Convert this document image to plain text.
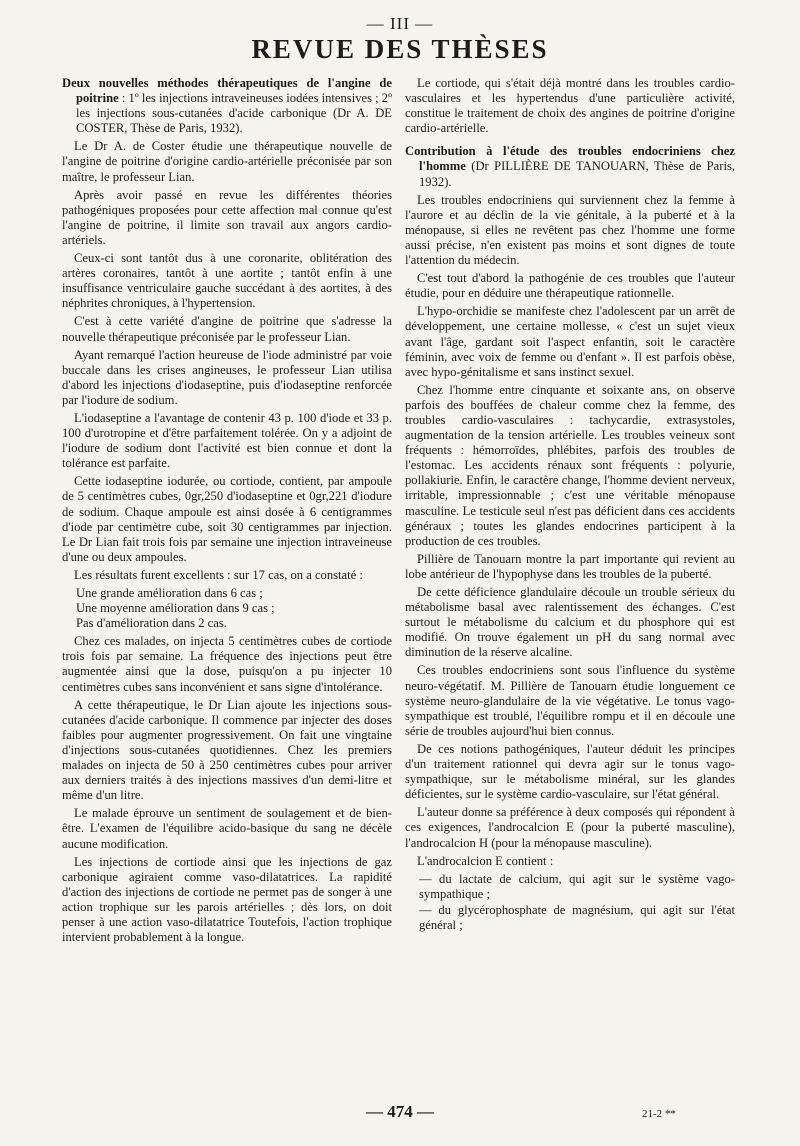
— III —
REVUE DES THÈSES

Deux nouvelles méthodes thérapeutiques de l'angine de poitrine : 1º les injections intraveineuses iodées intensives ; 2º les injections sous-cutanées d'acide carbonique (Dr A. DE COSTER, Thèse de Paris, 1932).

Le Dr A. de Coster étudie une thérapeutique nouvelle de l'angine de poitrine d'origine cardio-artérielle préconisée par son maître, le professeur Lian.

Après avoir passé en revue les différentes théories pathogéniques proposées pour cette affection mal connue qu'est l'angine de poitrine, il limite son travail aux angors cardio-artériels.

Ceux-ci sont tantôt dus à une coronarite, oblitération des artères coronaires, tantôt à une aortite ; tantôt enfin à une insuffisance ventriculaire gauche succédant à des aortites, à des néphrites chroniques, à l'hypertension.

C'est à cette variété d'angine de poitrine que s'adresse la nouvelle thérapeutique préconisée par le professeur Lian.

Ayant remarqué l'action heureuse de l'iode administré par voie buccale dans les crises angineuses, le professeur Lian utilisa d'abord les injections d'iodaseptine, puis d'iodaseptine renforcée par l'iodure de sodium.

L'iodaseptine a l'avantage de contenir 43 p. 100 d'iode et 33 p. 100 d'urotropine et d'être parfaitement tolérée. On y a adjoint de l'iodure de sodium dont l'activité est bien connue et dont la tolérance est parfaite.

Cette iodaseptine iodurée, ou cortiode, contient, par ampoule de 5 centimètres cubes, 0gr,250 d'iodaseptine et 0gr,221 d'iodure de sodium. Chaque ampoule est ainsi dosée à 6 centigrammes d'iode par centimètre cube, soit 30 centigrammes par injection. Le Dr Lian fait trois fois par semaine une injection intraveineuse d'une ou deux ampoules.

Les résultats furent excellents : sur 17 cas, on a constaté :

Une grande amélioration dans 6 cas ;

Une moyenne amélioration dans 9 cas ;

Pas d'amélioration dans 2 cas.

Chez ces malades, on injecta 5 centimètres cubes de cortiode trois fois par semaine. La fréquence des injections peut être augmentée ainsi que la dose, puisqu'on a pu injecter 10 centimètres cubes sans inconvénient et sans signe d'intolérance.

A cette thérapeutique, le Dr Lian ajoute les injections sous-cutanées d'acide carbonique. Il commence par injecter des doses faibles pour augmenter progressivement. On fait une vingtaine d'injections sous-cutanées quotidiennes. Chez les premiers malades on injecta de 50 à 250 centimètres cubes pour arriver aux derniers traités à des injections massives d'un demi-litre et même d'un litre.

Le malade éprouve un sentiment de soulagement et de bien-être. L'examen de l'équilibre acido-basique du sang ne décèle aucune modification.

Les injections de cortiode ainsi que les injections de gaz carbonique agiraient comme vaso-dilatatrices. La rapidité d'action des injections de cortiode ne permet pas de songer à une action trophique sur les parois artérielles ; dès lors, on doit penser à une action vaso-dilatatrice Toutefois, l'action trophique intervient probablement à la longue.

Le cortiode, qui s'était déjà montré dans les troubles cardio-vasculaires et les hypertendus d'une particulière activité, constitue le traitement de choix des angines de poitrine d'origine cardio-artérielle.

Contribution à l'étude des troubles endocriniens chez l'homme (Dr PILLIÈRE DE TANOUARN, Thèse de Paris, 1932).

Les troubles endocriniens qui surviennent chez la femme à l'aurore et au déclin de la vie génitale, à la puberté et à la ménopause, si elles ne revêtent pas chez l'homme une forme aussi précise, n'en existent pas moins et sont dignes de toute l'attention du médecin.

C'est tout d'abord la pathogénie de ces troubles que l'auteur étudie, pour en déduire une thérapeutique rationnelle.

L'hypo-orchidie se manifeste chez l'adolescent par un arrêt de développement, une certaine mollesse, « c'est un sujet vieux avant l'âge, gardant soit l'aspect enfantin, soit le caractère féminin, avec voix de femme ou d'enfant ». Il est parfois obèse, avec hypo-génitalisme et sans instinct sexuel.

Chez l'homme entre cinquante et soixante ans, on observe parfois des bouffées de chaleur comme chez la femme, des troubles cardio-vasculaires : tachycardie, extrasystoles, augmentation de la tension artérielle. Les troubles veineux sont fréquents : hémorroïdes, phlébites, parfois des troubles de l'estomac. Les accidents rénaux sont fréquents : polyurie, pollakiurie. Enfin, le caractère change, l'homme devient nerveux, irritable, impressionnable ; c'est une véritable ménopause masculine. Le testicule seul n'est pas déficient dans ces accidents généraux ; toutes les glandes endocrines participent à la production de ces troubles.

Pillière de Tanouarn montre la part importante qui revient au lobe antérieur de l'hypophyse dans les troubles de la puberté.

De cette déficience glandulaire découle un trouble sérieux du métabolisme basal avec ralentissement des échanges. C'est surtout le métabolisme du calcium et du phosphore qui est modifié. On trouve également un pH du sang normal avec diminution de la réserve alcaline.

Ces troubles endocriniens sont sous l'influence du système neuro-végétatif. M. Pillière de Tanouarn étudie longuement ce système neuro-glandulaire de la vie végétative. Le tonus vago-sympathique est troublé, l'équilibre rompu et il en découle une série de troubles aujourd'hui bien connus.

De ces notions pathogéniques, l'auteur déduit les principes d'un traitement rationnel qui devra agir sur le tonus vago-sympathique, sur le métabolisme minéral, sur les glandes déficientes, sur le système cardio-vasculaire, sur l'état général.

L'auteur donne sa préférence à deux composés qui répondent à ces exigences, l'androcalcion E (pour la puberté masculine), l'androcalcion H (pour la ménopause masculine).

L'androcalcion E contient :

— du lactate de calcium, qui agit sur le système vago-sympathique ;

— du glycérophosphate de magnésium, qui agit sur l'état général ;

— 474 —	21-2 **
